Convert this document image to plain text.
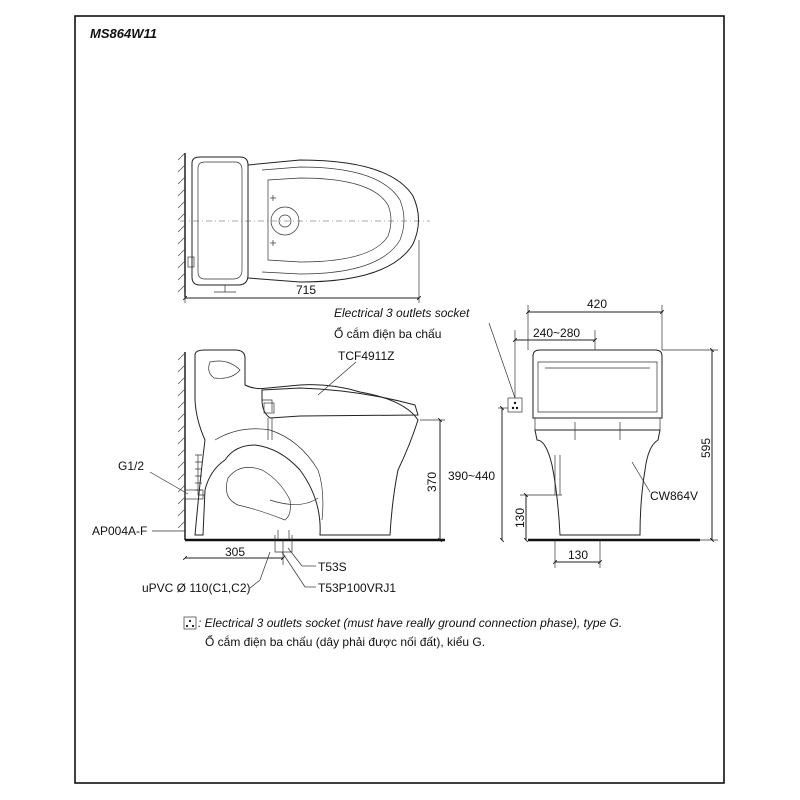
MS864W11
715
370
305
TCF4911Z
G1/2
AP004A-F
T53S
T53P100VRJ1
uPVC Ø 110(C1,C2)
Electrical 3 outlets socket
Ổ cắm điện ba chấu
420
240~280
390~440
595
130
130
CW864V
: Electrical 3 outlets socket (must have really ground connection phase), type G.
Ổ cắm điện ba chấu (dây phải được nối đất), kiểu G.
